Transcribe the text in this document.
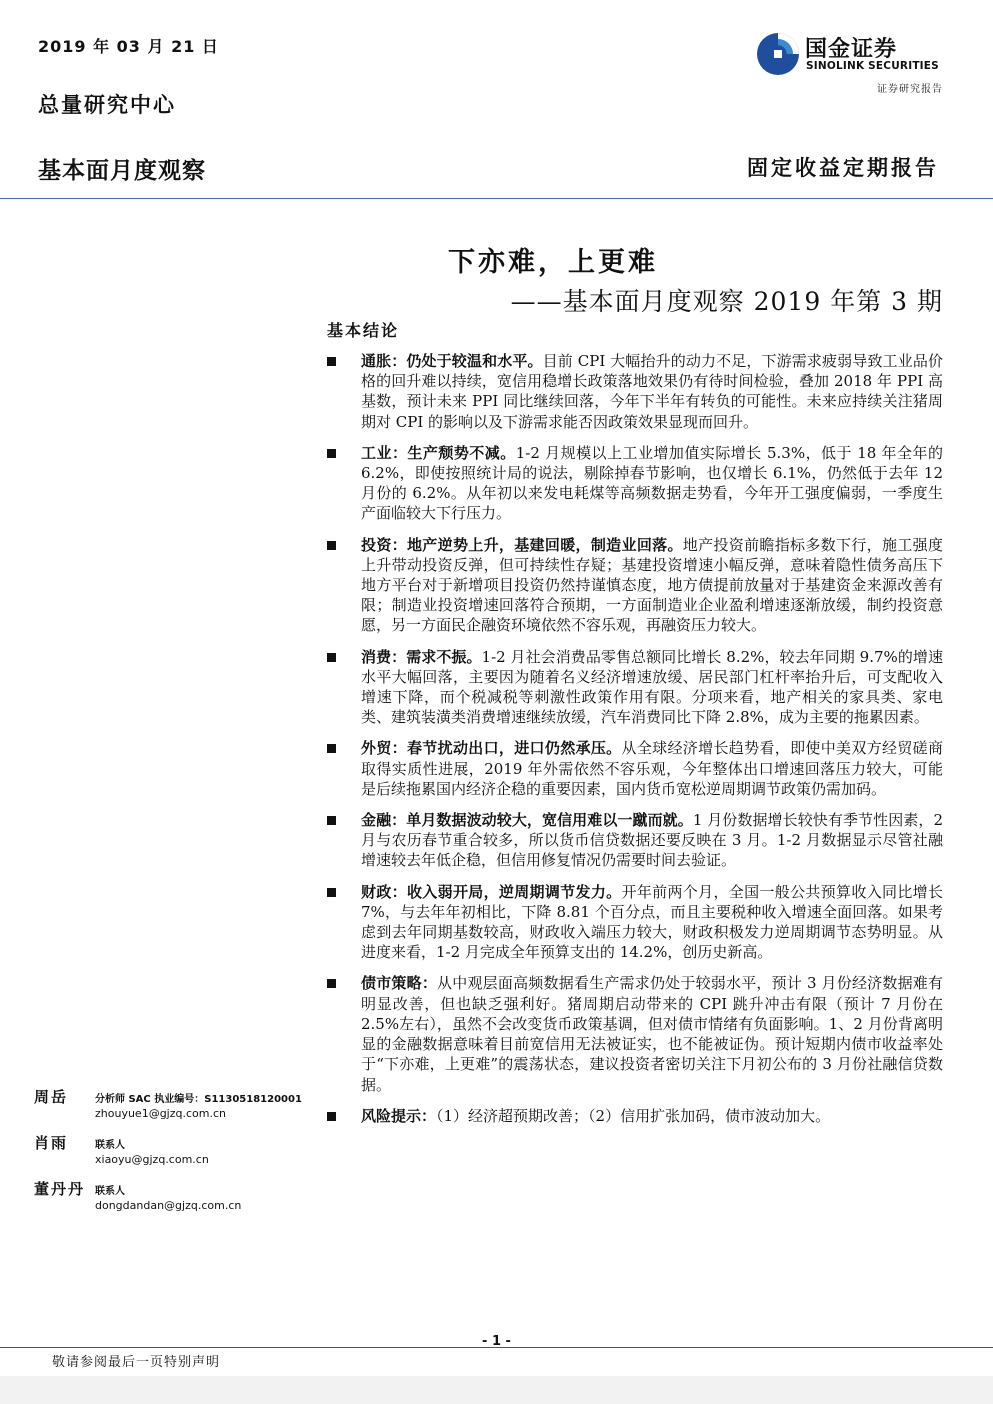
2019 年 03 月 21 日
总量研究中心
基本面月度观察	固定收益定期报告
国金证券
SINOLINK SECURITIES
证券研究报告
下亦难，上更难
——基本面月度观察 2019 年第 3 期
基本结论
通胀：仍处于较温和水平。目前 CPI 大幅抬升的动力不足，下游需求疲弱导致工业品价格的回升难以持续，宽信用稳增长政策落地效果仍有待时间检验，叠加 2018 年 PPI 高基数，预计未来 PPI 同比继续回落，今年下半年有转负的可能性。未来应持续关注猪周期对 CPI 的影响以及下游需求能否因政策效果显现而回升。
工业：生产颓势不减。1-2 月规模以上工业增加值实际增长 5.3%，低于 18 年全年的 6.2%，即使按照统计局的说法，剔除掉春节影响，也仅增长 6.1%，仍然低于去年 12 月份的 6.2%。从年初以来发电耗煤等高频数据走势看，今年开工强度偏弱，一季度生产面临较大下行压力。
投资：地产逆势上升，基建回暖，制造业回落。地产投资前瞻指标多数下行，施工强度上升带动投资反弹，但可持续性存疑；基建投资增速小幅反弹，意味着隐性债务高压下地方平台对于新增项目投资仍然持谨慎态度，地方债提前放量对于基建资金来源改善有限；制造业投资增速回落符合预期，一方面制造业企业盈利增速逐渐放缓，制约投资意愿，另一方面民企融资环境依然不容乐观，再融资压力较大。
消费：需求不振。1-2 月社会消费品零售总额同比增长 8.2%，较去年同期 9.7%的增速水平大幅回落，主要因为随着名义经济增速放缓、居民部门杠杆率抬升后，可支配收入增速下降，而个税减税等刺激性政策作用有限。分项来看，地产相关的家具类、家电类、建筑装潢类消费增速继续放缓，汽车消费同比下降 2.8%，成为主要的拖累因素。
外贸：春节扰动出口，进口仍然承压。从全球经济增长趋势看，即使中美双方经贸磋商取得实质性进展，2019 年外需依然不容乐观，今年整体出口增速回落压力较大，可能是后续拖累国内经济企稳的重要因素，国内货币宽松逆周期调节政策仍需加码。
金融：单月数据波动较大，宽信用难以一蹴而就。1 月份数据增长较快有季节性因素，2 月与农历春节重合较多，所以货币信贷数据还要反映在 3 月。1-2 月数据显示尽管社融增速较去年低企稳，但信用修复情况仍需要时间去验证。
财政：收入弱开局，逆周期调节发力。开年前两个月，全国一般公共预算收入同比增长 7%，与去年年初相比，下降 8.81 个百分点，而且主要税种收入增速全面回落。如果考虑到去年同期基数较高，财政收入端压力较大，财政积极发力逆周期调节态势明显。从进度来看，1-2 月完成全年预算支出的 14.2%，创历史新高。
债市策略：从中观层面高频数据看生产需求仍处于较弱水平，预计 3 月份经济数据难有明显改善，但也缺乏强利好。猪周期启动带来的 CPI 跳升冲击有限（预计 7 月份在 2.5%左右），虽然不会改变货币政策基调，但对债市情绪有负面影响。1、2 月份背离明显的金融数据意味着目前宽信用无法被证实，也不能被证伪。预计短期内债市收益率处于“下亦难，上更难”的震荡状态，建议投资者密切关注下月初公布的 3 月份社融信贷数据。
风险提示：（1）经济超预期改善；（2）信用扩张加码，债市波动加大。
周岳	分析师 SAC 执业编号：S1130518120001
zhouyue1@gjzq.com.cn
肖雨	联系人
xiaoyu@gjzq.com.cn
董丹丹 联系人
dongdandan@gjzq.com.cn
- 1 -
敬请参阅最后一页特别声明
